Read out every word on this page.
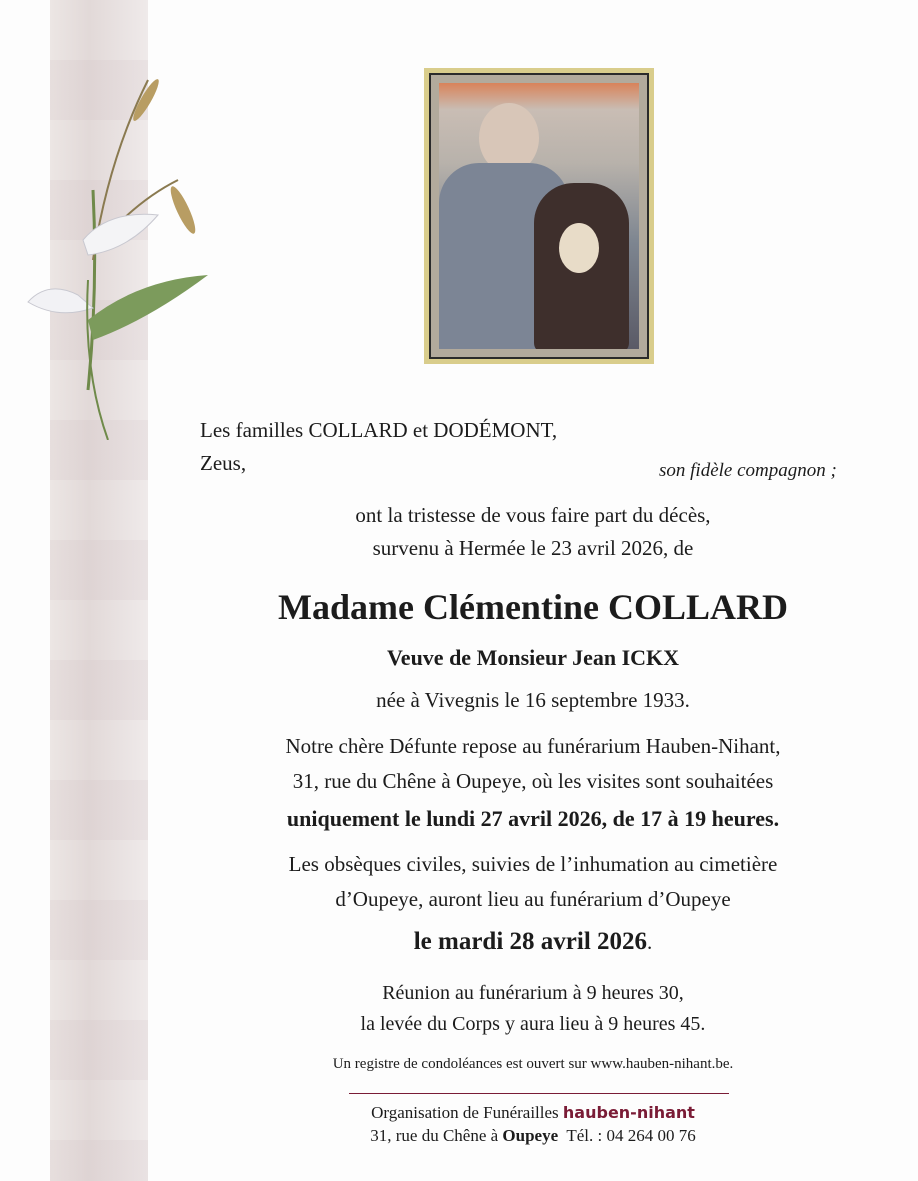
Les familles COLLARD et DODÉMONT,
Zeus,	son fidèle compagnon ;
ont la tristesse de vous faire part du décès,
survenu à Hermée le 23 avril 2026, de
Madame Clémentine COLLARD
Veuve de Monsieur Jean ICKX
née à Vivegnis le 16 septembre 1933.
Notre chère Défunte repose au funérarium Hauben-Nihant,
31, rue du Chêne à Oupeye, où les visites sont souhaitées
uniquement le lundi 27 avril 2026, de 17 à 19 heures.
Les obsèques civiles, suivies de l’inhumation au cimetière
d’Oupeye, auront lieu au funérarium d’Oupeye
le mardi 28 avril 2026.
Réunion au funérarium à 9 heures 30,
la levée du Corps y aura lieu à 9 heures 45.
Un registre de condoléances est ouvert sur www.hauben-nihant.be.
Organisation de Funérailles hauben-nihant
31, rue du Chêne à Oupeye Tél. : 04 264 00 76
